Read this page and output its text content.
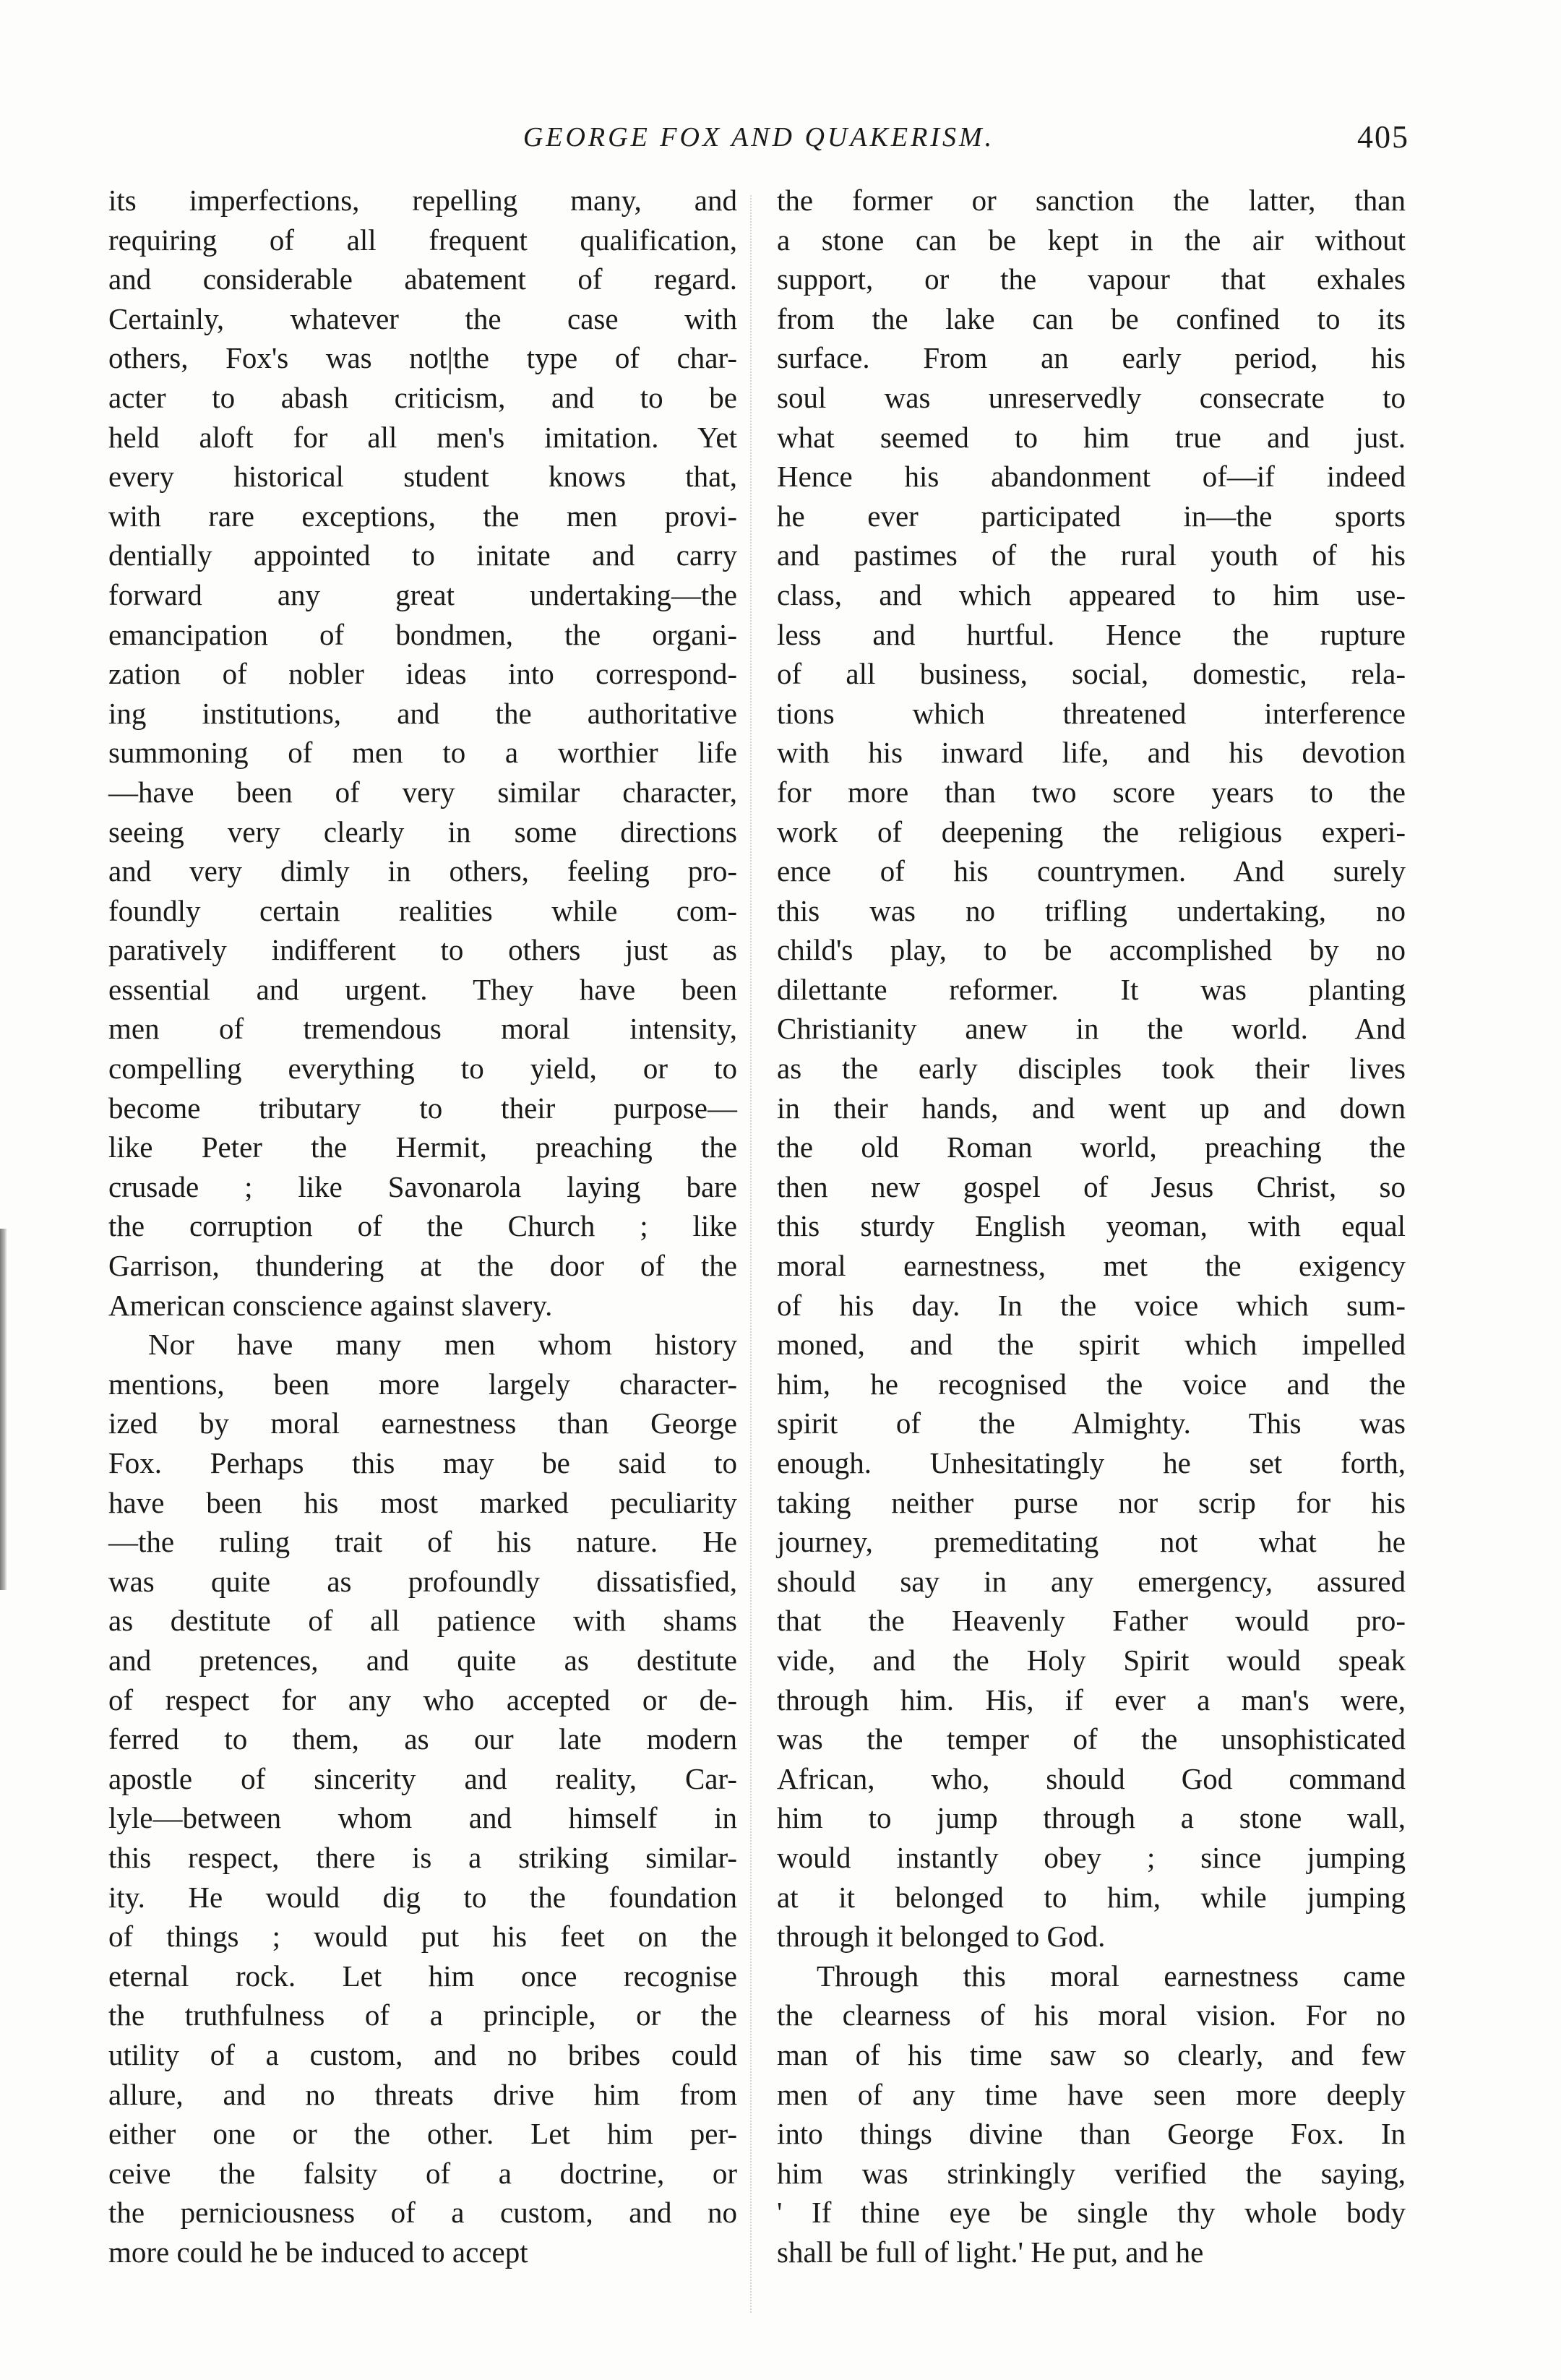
GEORGE FOX AND QUAKERISM.	405
its imperfections, repelling many, and
requiring of all frequent qualification,
and considerable abatement of regard.
Certainly, whatever the case with
others, Fox's was not|the type of char-
acter to abash criticism, and to be
held aloft for all men's imitation. Yet
every historical student knows that,
with rare exceptions, the men provi-
dentially appointed to initate and carry
forward any great undertaking—the
emancipation of bondmen, the organi-
zation of nobler ideas into correspond-
ing institutions, and the authoritative
summoning of men to a worthier life
—have been of very similar character,
seeing very clearly in some directions
and very dimly in others, feeling pro-
foundly certain realities while com-
paratively indifferent to others just as
essential and urgent. They have been
men of tremendous moral intensity,
compelling everything to yield, or to
become tributary to their purpose—
like Peter the Hermit, preaching the
crusade ; like Savonarola laying bare
the corruption of the Church ; like
Garrison, thundering at the door of the
American conscience against slavery.
Nor have many men whom history
mentions, been more largely character-
ized by moral earnestness than George
Fox. Perhaps this may be said to
have been his most marked peculiarity
—the ruling trait of his nature. He
was quite as profoundly dissatisfied,
as destitute of all patience with shams
and pretences, and quite as destitute
of respect for any who accepted or de-
ferred to them, as our late modern
apostle of sincerity and reality, Car-
lyle—between whom and himself in
this respect, there is a striking similar-
ity. He would dig to the foundation
of things ; would put his feet on the
eternal rock. Let him once recognise
the truthfulness of a principle, or the
utility of a custom, and no bribes could
allure, and no threats drive him from
either one or the other. Let him per-
ceive the falsity of a doctrine, or
the perniciousness of a custom, and no
more could he be induced to accept
the former or sanction the latter, than
a stone can be kept in the air without
support, or the vapour that exhales
from the lake can be confined to its
surface. From an early period, his
soul was unreservedly consecrate to
what seemed to him true and just.
Hence his abandonment of—if indeed
he ever participated in—the sports
and pastimes of the rural youth of his
class, and which appeared to him use-
less and hurtful. Hence the rupture
of all business, social, domestic, rela-
tions which threatened interference
with his inward life, and his devotion
for more than two score years to the
work of deepening the religious experi-
ence of his countrymen. And surely
this was no trifling undertaking, no
child's play, to be accomplished by no
dilettante reformer. It was planting
Christianity anew in the world. And
as the early disciples took their lives
in their hands, and went up and down
the old Roman world, preaching the
then new gospel of Jesus Christ, so
this sturdy English yeoman, with equal
moral earnestness, met the exigency
of his day. In the voice which sum-
moned, and the spirit which impelled
him, he recognised the voice and the
spirit of the Almighty. This was
enough. Unhesitatingly he set forth,
taking neither purse nor scrip for his
journey, premeditating not what he
should say in any emergency, assured
that the Heavenly Father would pro-
vide, and the Holy Spirit would speak
through him. His, if ever a man's were,
was the temper of the unsophisticated
African, who, should God command
him to jump through a stone wall,
would instantly obey ; since jumping
at it belonged to him, while jumping
through it belonged to God.
Through this moral earnestness came
the clearness of his moral vision. For no
man of his time saw so clearly, and few
men of any time have seen more deeply
into things divine than George Fox. In
him was strinkingly verified the saying,
' If thine eye be single thy whole body
shall be full of light.' He put, and he
